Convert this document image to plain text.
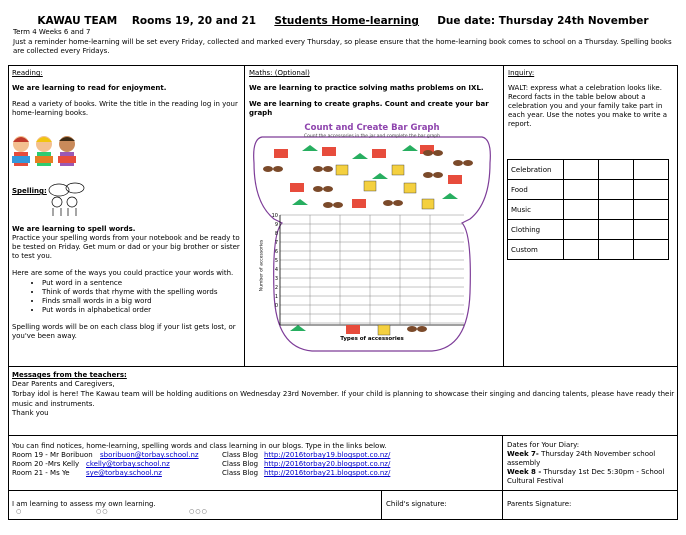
KAWAU TEAM Rooms 19, 20 and 21 Students Home-learning Due date: Thursday 24th November
Term 4 Weeks 6 and 7
Just a reminder home-learning will be set every Friday, collected and marked every Thursday, so please ensure that the home-learning book comes to school on a Thursday. Spelling books are collected every Fridays.
Reading:
We are learning to read for enjoyment.
Read a variety of books. Write the title in the reading log in your home-learning books.
Spelling:
We are learning to spell words.
Practice your spelling words from your notebook and be ready to be tested on Friday. Get mum or dad or your big brother or sister to test you.
Here are some of the ways you could practice your words with.
• Put word in a sentence
• Think of words that rhyme with the spelling words
• Finds small words in a big word
• Put words in alphabetical order
Spelling words will be on each class blog if your list gets lost, or you've been away.
Maths: (Optional)
We are learning to practice solving maths problems on IXL.
We are learning to create graphs. Count and create your bar graph
Count and Create Bar Graph
Count the accessories in the jar and complete the bar graph
10
9
8
7
6
5
4
3
2
1
0
Number of accessories
Types of accessories
Inquiry:
WALT: express what a celebration looks like.
Record facts in the table below about a celebration you and your family take part in each year. Use the notes you make to write a report.
Celebration			
Food			
Music			
Clothing			
Custom			
Messages from the teachers:
Dear Parents and Caregivers,
Torbay idol is here! The Kawau team will be holding auditions on Wednesday 23rd November. If your child is planning to showcase their singing and dancing talents, please have ready their music and instruments.
Thank you
You can find notices, home-learning, spelling words and class learning in our blogs. Type in the links below.
Room 19 - Mr Boribuon sboribuon@torbay.school.nz	Class Blog http://2016torbay19.blogspot.co.nz/
Room 20 -Mrs Kelly ckelly@torbay.school.nz	Class Blog http://2016torbay20.blogspot.co.nz/
Room 21 - Ms Ye sye@torbay.school.nz	Class Blog http://2016torbay21.blogspot.co.nz/
Dates for Your Diary:
Week 7- Thursday 24th November school assembly
Week 8 - Thursday 1st Dec 5:30pm - School Cultural Festival
I am learning to assess my own learning.
○	○○	○○○
Child's signature:	Parents Signature:
